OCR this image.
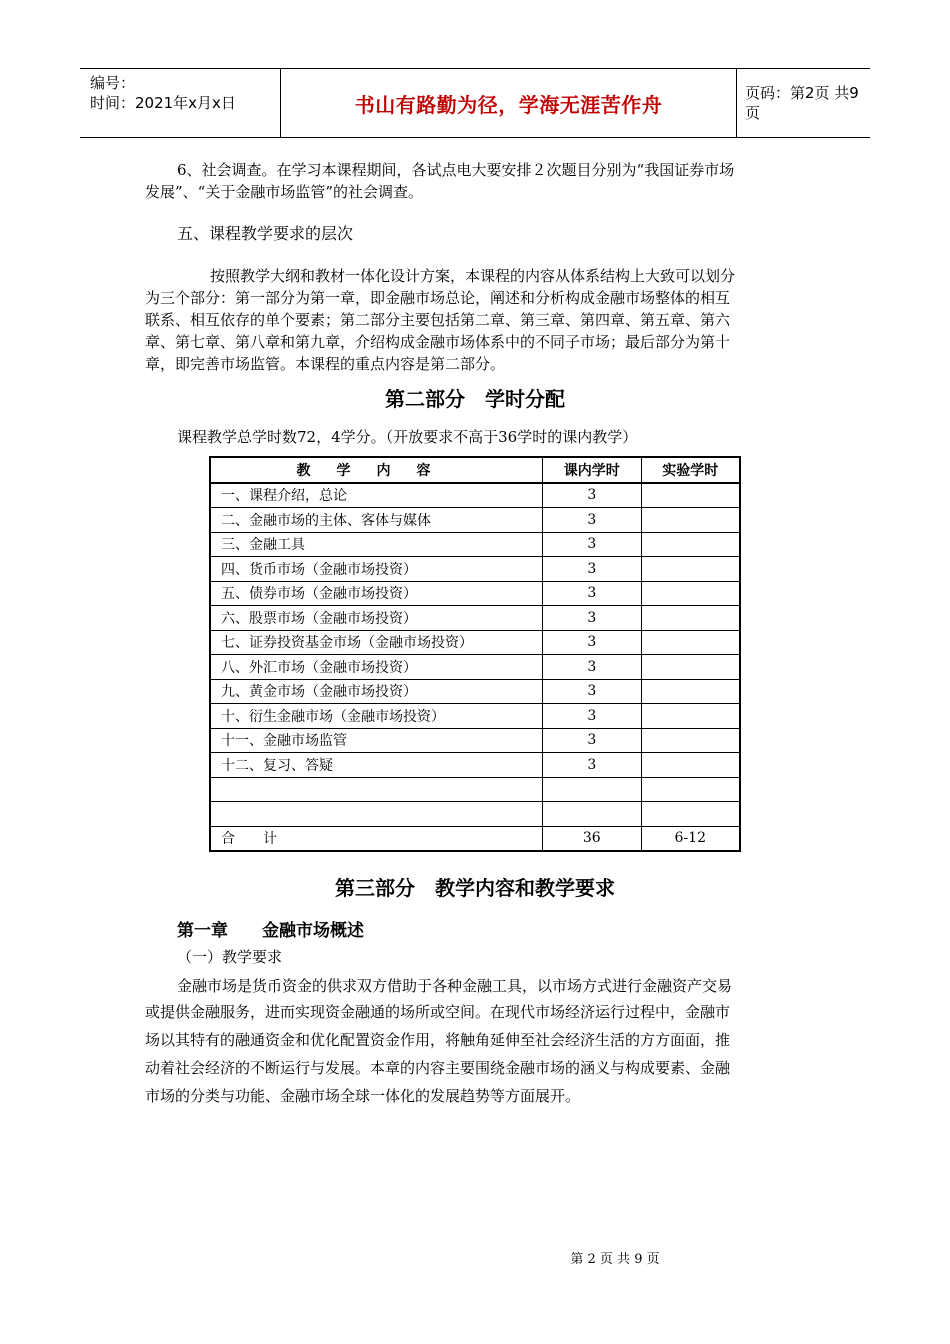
编号：
时间：2021年x月x日	书山有路勤为径，学海无涯苦作舟	页码：第2页 共9页

6、社会调查。在学习本课程期间，各试点电大要安排２次题目分别为“我国证券市场

发展”、“关于金融市场监管”的社会调查。

五、课程教学要求的层次

按照教学大纲和教材一体化设计方案，本课程的内容从体系结构上大致可以划分

为三个部分：第一部分为第一章，即金融市场总论，阐述和分析构成金融市场整体的相互

联系、相互依存的单个要素；第二部分主要包括第二章、第三章、第四章、第五章、第六

章、第七章、第八章和第九章，介绍构成金融市场体系中的不同子市场；最后部分为第十

章，即完善市场监管。本课程的重点内容是第二部分。

第二部分　学时分配

课程教学总学时数72，4学分。（开放要求不高于36学时的课内教学）

教学内容	课内学时	实验学时
一、课程介绍，总论	3	
二、金融市场的主体、客体与媒体	3	
三、金融工具	3	
四、货币市场（金融市场投资）	3	
五、债券市场（金融市场投资）	3	
六、股票市场（金融市场投资）	3	
七、证券投资基金市场（金融市场投资）	3	
八、外汇市场（金融市场投资）	3	
九、黄金市场（金融市场投资）	3	
十、衍生金融市场（金融市场投资）	3	
十一、金融市场监管	3	
十二、复习、答疑	3	

合　　计	36	6-12
第三部分　教学内容和教学要求
第一章　　金融市场概述
（一）教学要求

金融市场是货币资金的供求双方借助于各种金融工具，以市场方式进行金融资产交易

或提供金融服务，进而实现资金融通的场所或空间。在现代市场经济运行过程中，金融市

场以其特有的融通资金和优化配置资金作用，将触角延伸至社会经济生活的方方面面，推

动着社会经济的不断运行与发展。本章的内容主要围绕金融市场的涵义与构成要素、金融

市场的分类与功能、金融市场全球一体化的发展趋势等方面展开。

第 2 页 共 9 页
